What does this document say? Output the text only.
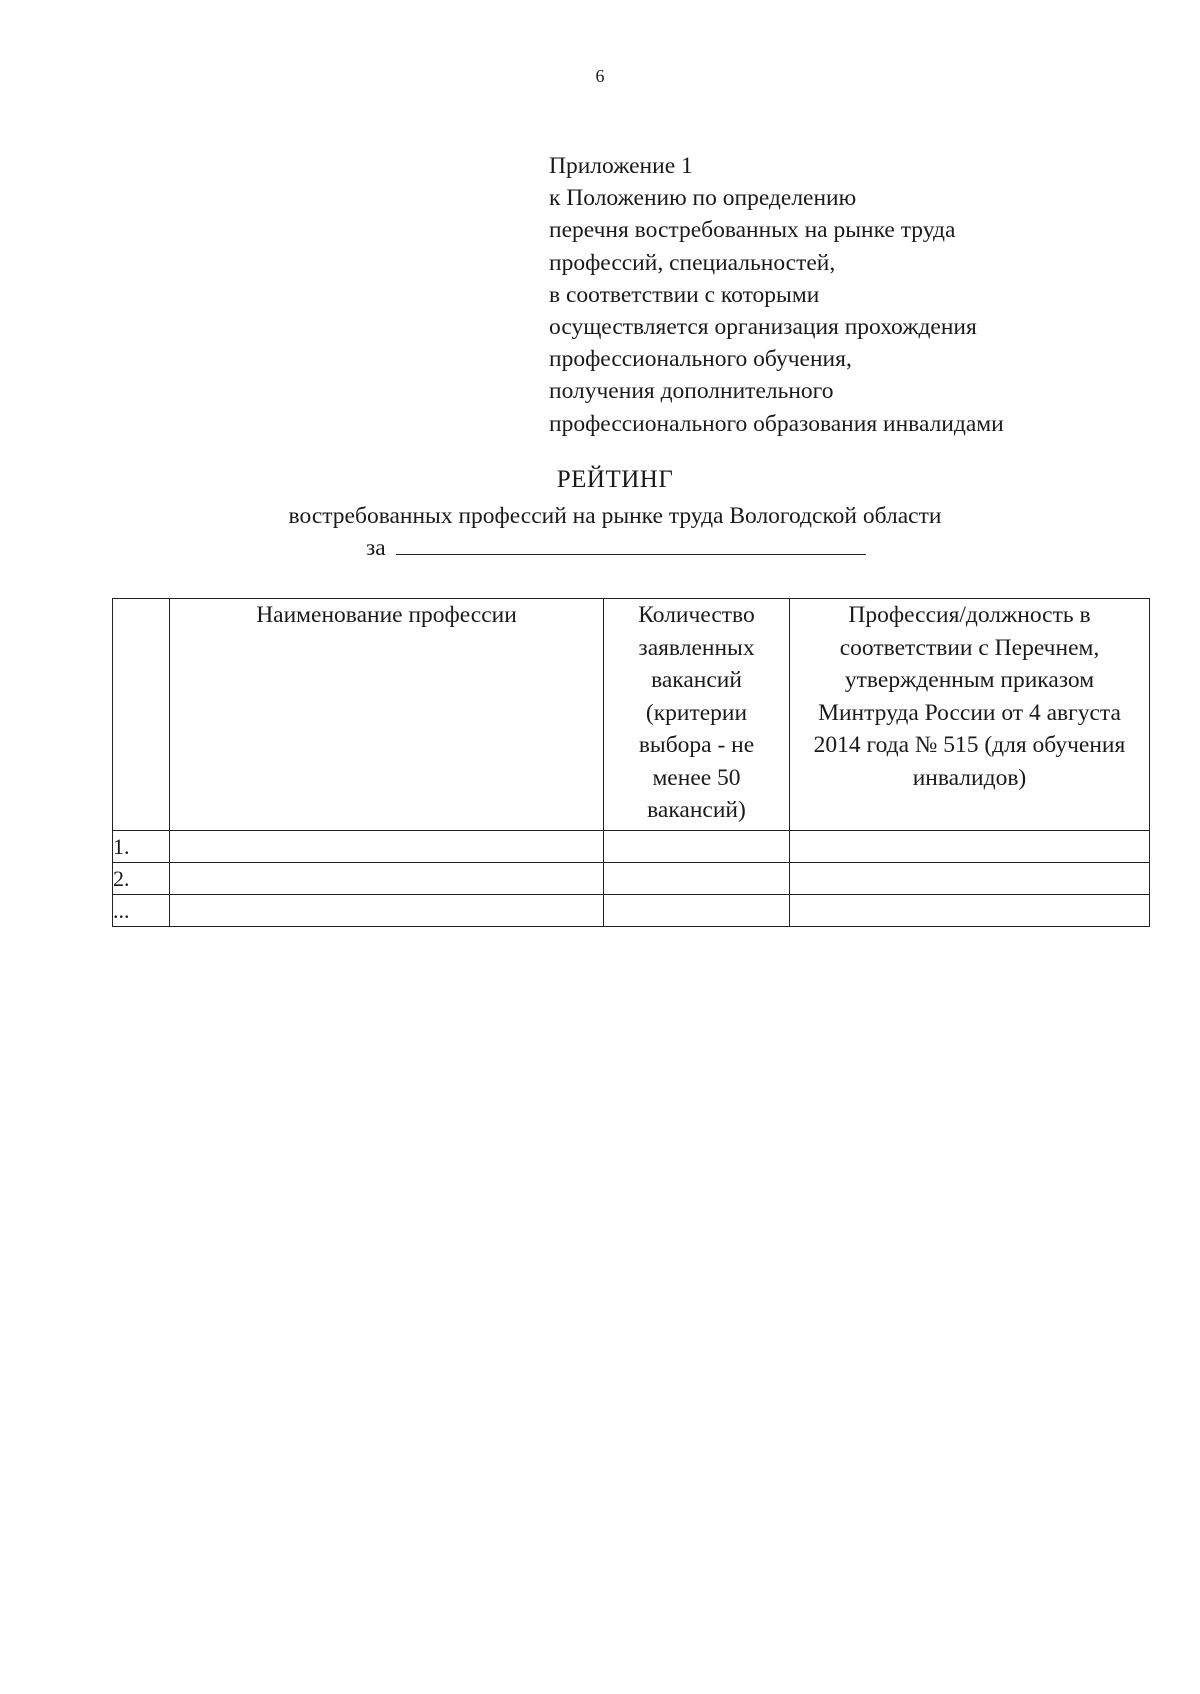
6
Приложение 1
к Положению по определению
перечня востребованных на рынке труда
профессий, специальностей,
в соответствии с которыми
осуществляется организация прохождения
профессионального обучения,
получения дополнительного
профессионального образования инвалидами
РЕЙТИНГ
востребованных профессий на рынке труда Вологодской области
за
	Наименование профессии	Количество заявленных вакансий (критерии выбора - не менее 50 вакансий)	Профессия/должность в соответствии с Перечнем, утвержденным приказом Минтруда России от 4 августа 2014 года № 515 (для обучения инвалидов)
1.			
2.			
...			
